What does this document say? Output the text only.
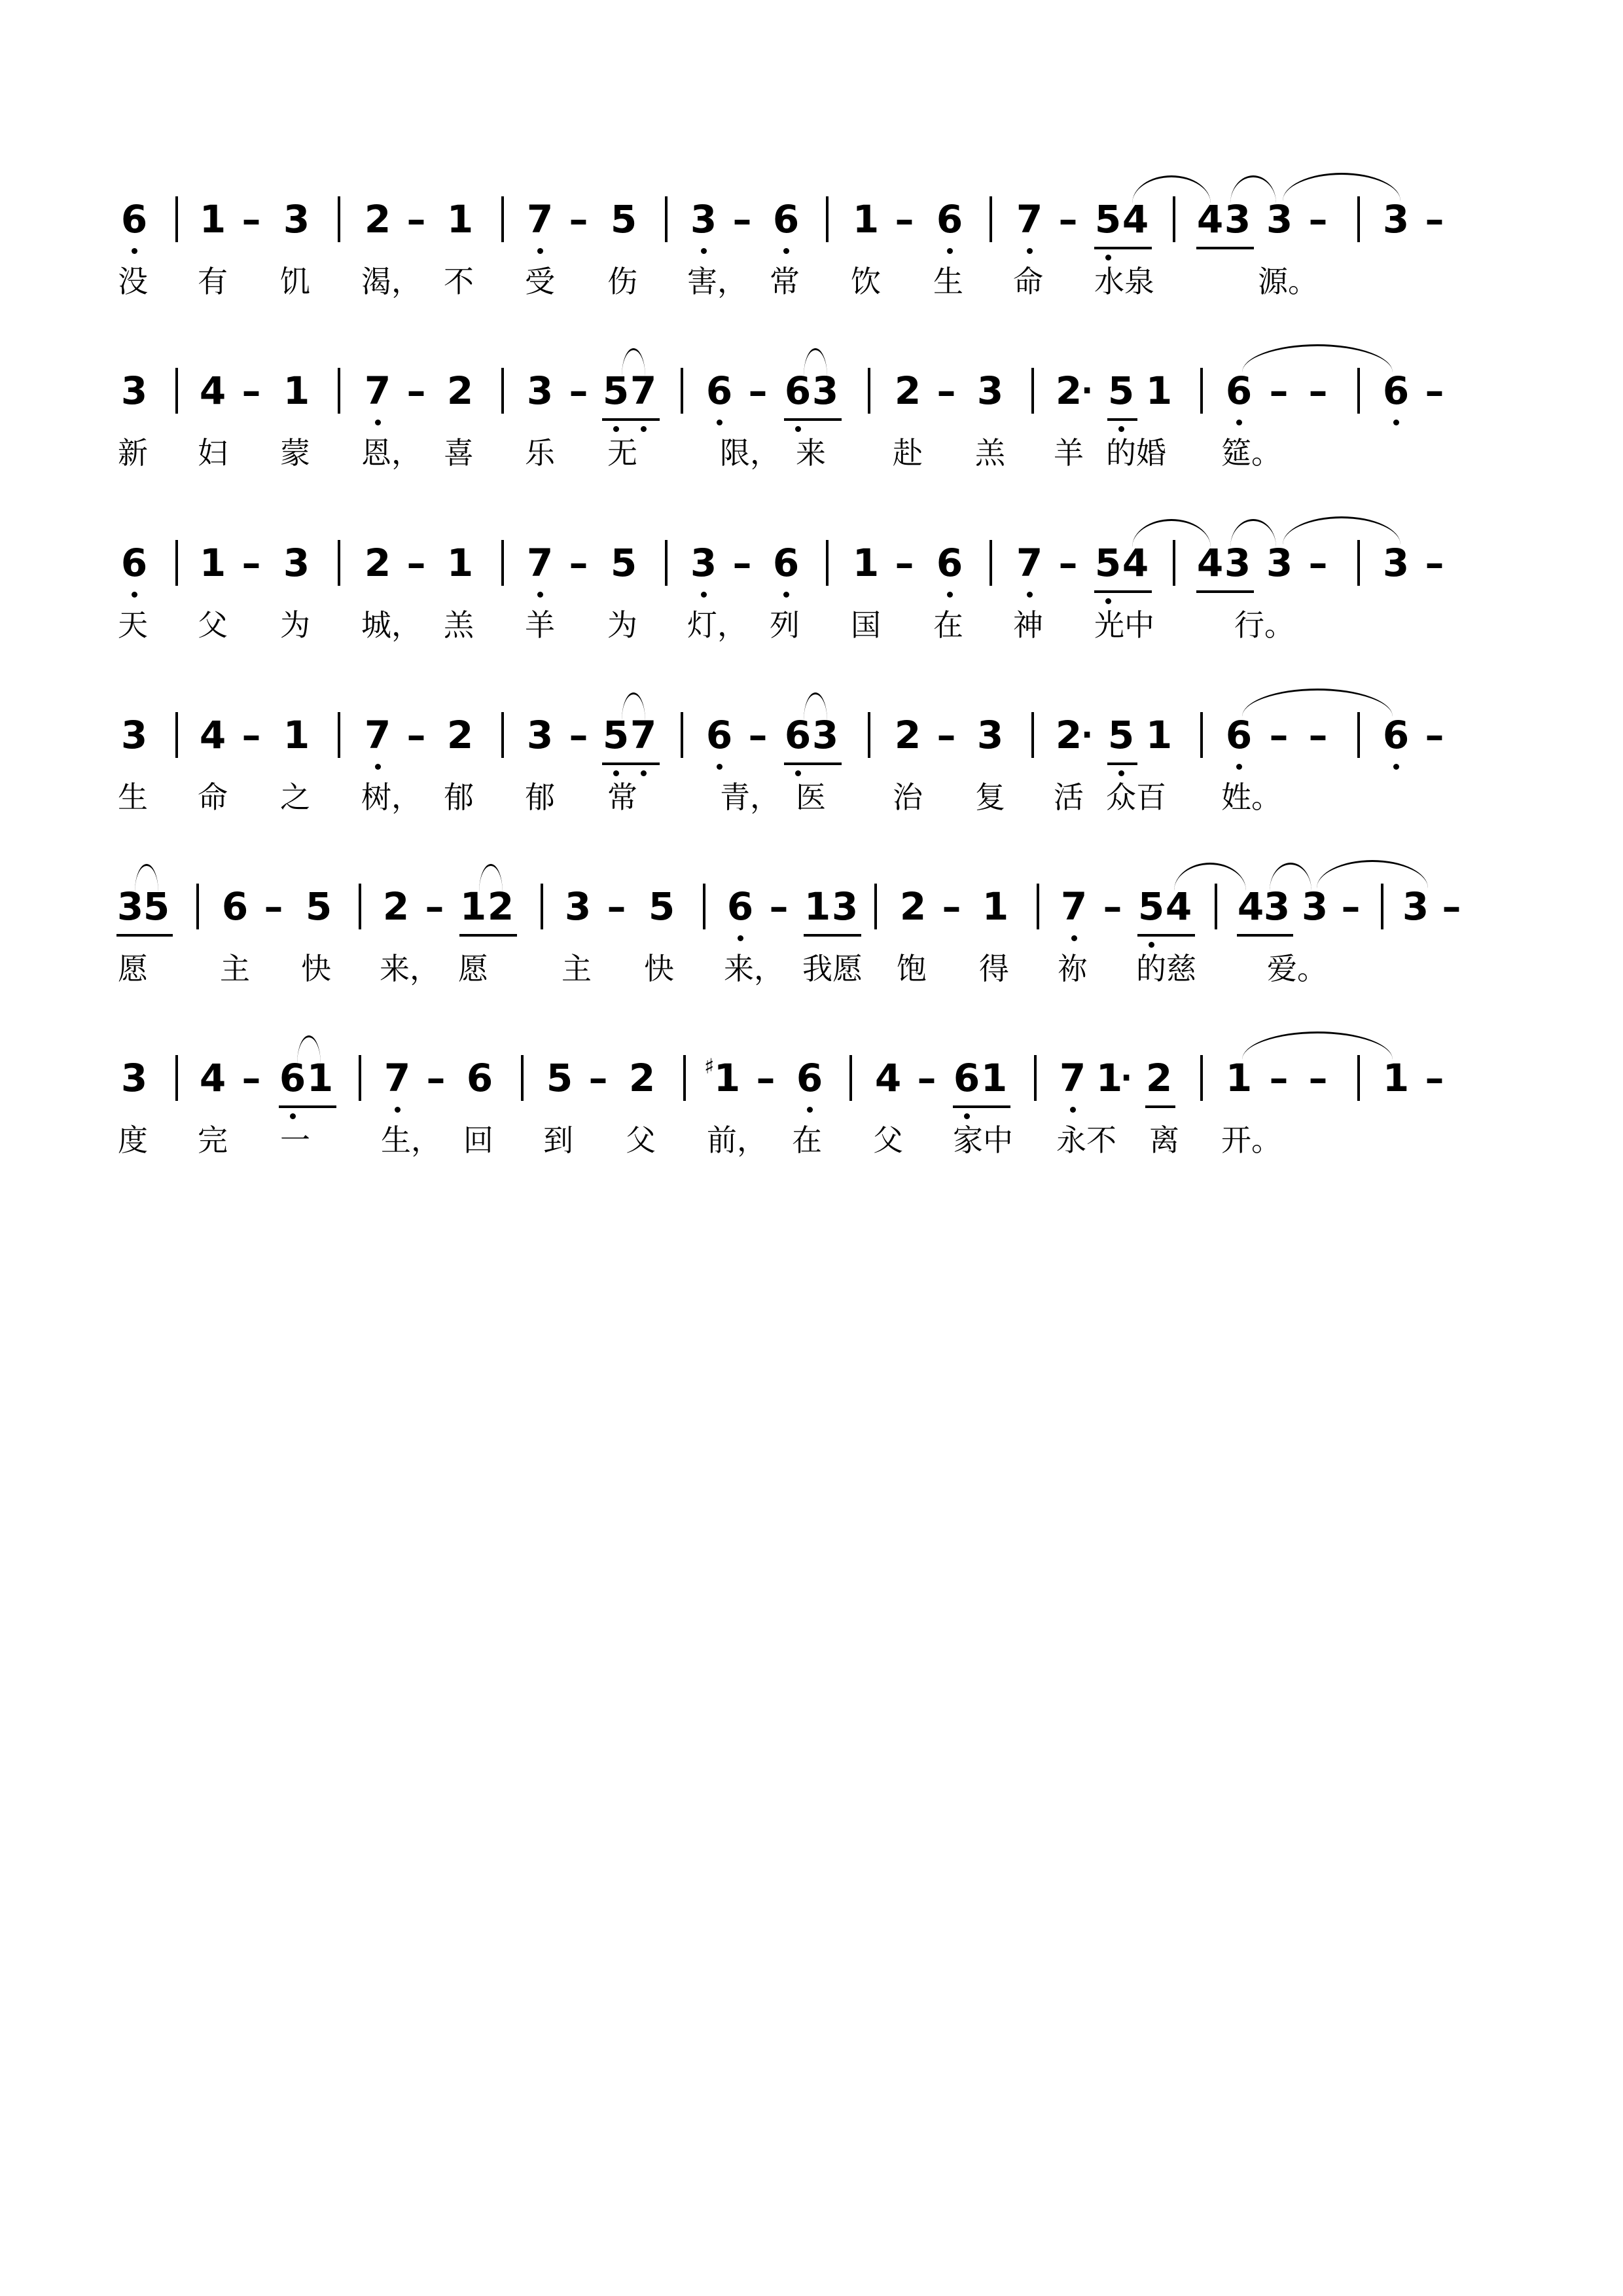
6 1 – 3 2 – 1 7 – 5 3 – 6 1 – 6 7 – 5 4 4 3 3 – 3 –
没 有 饥 渴， 不 受 伤 害， 常 饮 生 命 水泉	源。
3 4 – 1 7 – 2 3 – 5 7 6 – 6 3 2 – 3 2
· 5 1 6 – – 6 –
新 妇 蒙 恩， 喜 乐 无	限， 来 赴 羔 羊 的婚 筵。
6 1 – 3 2 – 1 7 – 5 3 – 6 1 – 6 7 – 5 4 4 3 3 – 3 –
天 父 为 城， 羔 羊 为 灯， 列 国 在 神 光中	行。
3 4 – 1 7 – 2 3 – 5 7 6 – 6 3 2 – 3 2
· 5 1 6 – – 6 –
生 命 之 树， 郁 郁 常	青， 医 治 复 活 众百 姓。
3 5 6 – 5 2 – 1 2 3 – 5 6 – 1 3 2 – 1 7 – 5 4 4 3 3 – 3 –
愿 主 快 来， 愿 主 快 来， 我愿 饱 得 祢 的慈 爱。
3 4 – 6 1 7 – 6 5 – 2 ♯ 1 – 6 4 – 6 1 7 1
· 2 1 – – 1 –
度 完 一 生， 回 到 父 前， 在 父 家中 永不 离 开。
